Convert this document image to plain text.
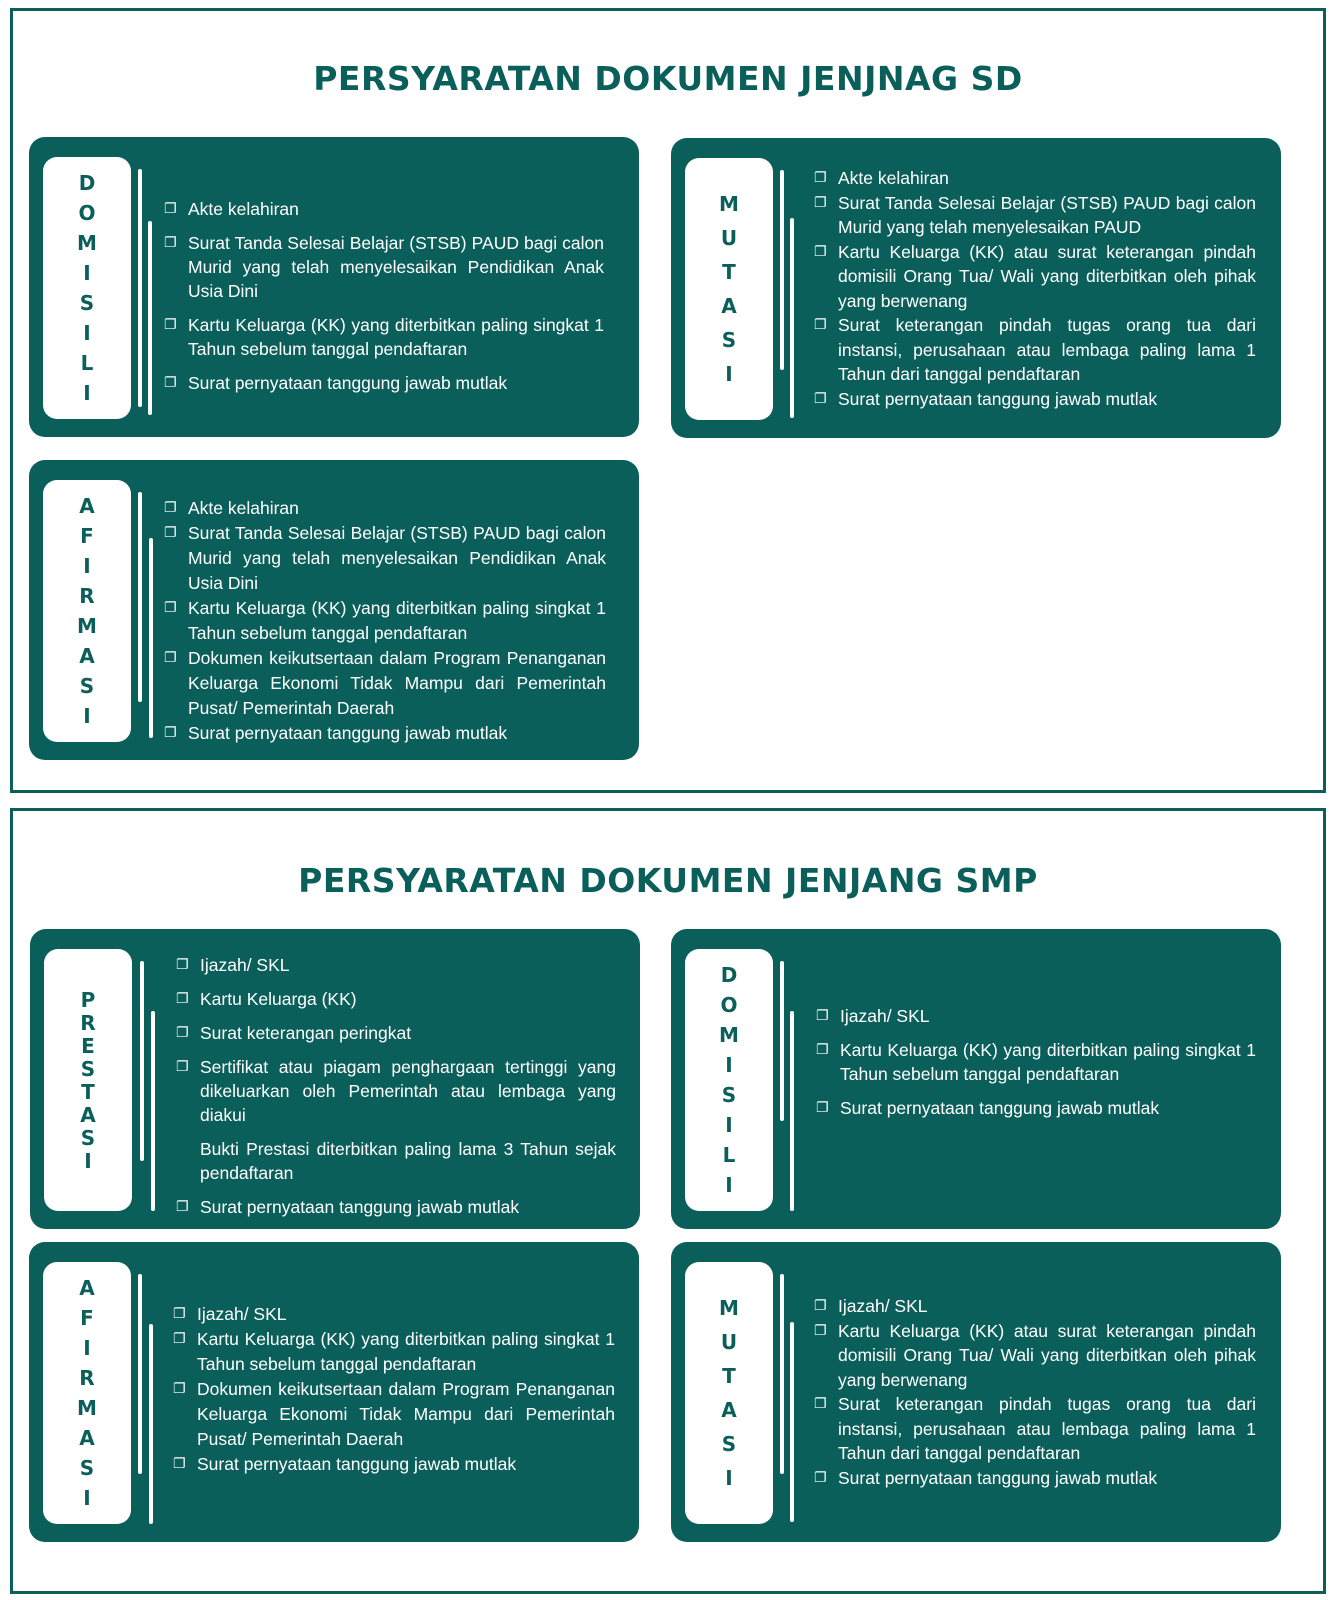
PERSYARATAN DOKUMEN JENJNAG SD
D
O
M
I
S
I
L
I
❐ Akte kelahiran
❐ Surat Tanda Selesai Belajar (STSB) PAUD bagi calon Murid yang telah menyelesaikan Pendidikan Anak Usia Dini
❐ Kartu Keluarga (KK) yang diterbitkan paling singkat 1 Tahun sebelum tanggal pendaftaran
❐ Surat pernyataan tanggung jawab mutlak
M
U
T
A
S
I
❐ Akte kelahiran
❐ Surat Tanda Selesai Belajar (STSB) PAUD bagi calon Murid yang telah menyelesaikan PAUD
❐ Kartu Keluarga (KK) atau surat keterangan pindah domisili Orang Tua/ Wali yang diterbitkan oleh pihak yang berwenang
❐ Surat keterangan pindah tugas orang tua dari instansi, perusahaan atau lembaga paling lama 1 Tahun dari tanggal pendaftaran
❐ Surat pernyataan tanggung jawab mutlak
A
F
I
R
M
A
S
I
❐ Akte kelahiran
❐ Surat Tanda Selesai Belajar (STSB) PAUD bagi calon Murid yang telah menyelesaikan Pendidikan Anak Usia Dini
❐ Kartu Keluarga (KK) yang diterbitkan paling singkat 1 Tahun sebelum tanggal pendaftaran
❐ Dokumen keikutsertaan dalam Program Penanganan Keluarga Ekonomi Tidak Mampu dari Pemerintah Pusat/ Pemerintah Daerah
❐ Surat pernyataan tanggung jawab mutlak
PERSYARATAN DOKUMEN JENJANG SMP
P
R
E
S
T
A
S
I
❐ Ijazah/ SKL
❐ Kartu Keluarga (KK)
❐ Surat keterangan peringkat
❐ Sertifikat atau piagam penghargaan tertinggi yang dikeluarkan oleh Pemerintah atau lembaga yang diakui
Bukti Prestasi diterbitkan paling lama 3 Tahun sejak pendaftaran
❐ Surat pernyataan tanggung jawab mutlak
D
O
M
I
S
I
L
I
❐ Ijazah/ SKL
❐ Kartu Keluarga (KK) yang diterbitkan paling singkat 1 Tahun sebelum tanggal pendaftaran
❐ Surat pernyataan tanggung jawab mutlak
A
F
I
R
M
A
S
I
❐ Ijazah/ SKL
❐ Kartu Keluarga (KK) yang diterbitkan paling singkat 1 Tahun sebelum tanggal pendaftaran
❐ Dokumen keikutsertaan dalam Program Penanganan Keluarga Ekonomi Tidak Mampu dari Pemerintah Pusat/ Pemerintah Daerah
❐ Surat pernyataan tanggung jawab mutlak
M
U
T
A
S
I
❐ Ijazah/ SKL
❐ Kartu Keluarga (KK) atau surat keterangan pindah domisili Orang Tua/ Wali yang diterbitkan oleh pihak yang berwenang
❐ Surat keterangan pindah tugas orang tua dari instansi, perusahaan atau lembaga paling lama 1 Tahun dari tanggal pendaftaran
❐ Surat pernyataan tanggung jawab mutlak
